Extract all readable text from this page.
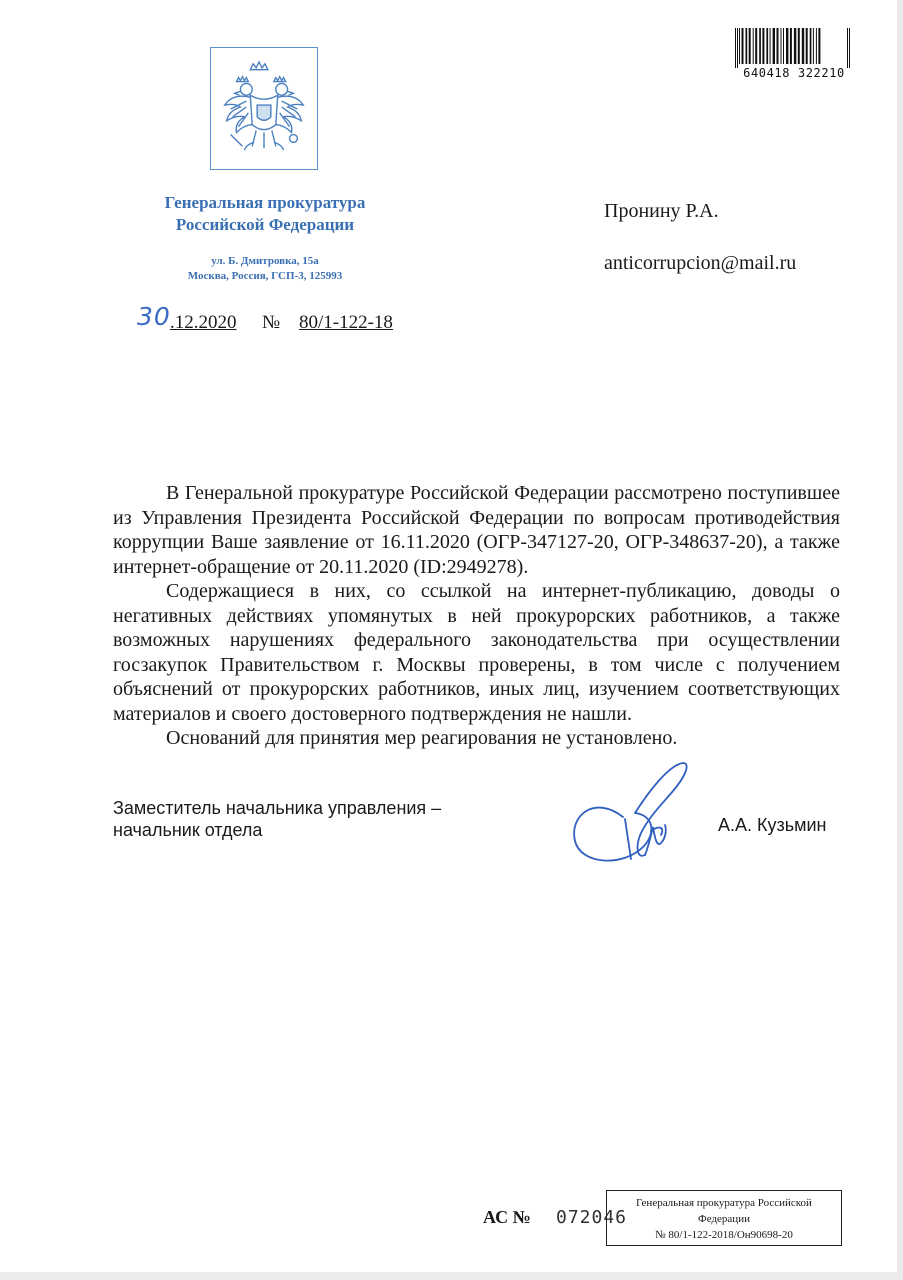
640418 322210
Генеральная прокуратура
Российской Федерации
ул. Б. Дмитровка, 15а
Москва, Россия, ГСП-3, 125993
30 .12.2020 № 80/1-122-18
Пронину Р.А.
anticorrupcion@mail.ru

В Генеральной прокуратуре Российской Федерации рассмотрено поступившее из Управления Президента Российской Федерации по вопросам противодействия коррупции Ваше заявление от 16.11.2020 (ОГР-347127-20, ОГР-348637-20), а также интернет-обращение от 20.11.2020 (ID:2949278).

Содержащиеся в них, со ссылкой на интернет-публикацию, доводы о негативных действиях упомянутых в ней прокурорских работников, а также возможных нарушениях федерального законодательства при осуществлении госзакупок Правительством г. Москвы проверены, в том числе с получением объяснений от прокурорских работников, иных лиц, изучением соответствующих материалов и своего достоверного подтверждения не нашли.

Оснований для принятия мер реагирования не установлено.

Заместитель начальника управления –
начальник отдела	А.А. Кузьмин
АС № 072046
Генеральная прокуратура Российской
Федерации
№ 80/1-122-2018/Он90698-20
